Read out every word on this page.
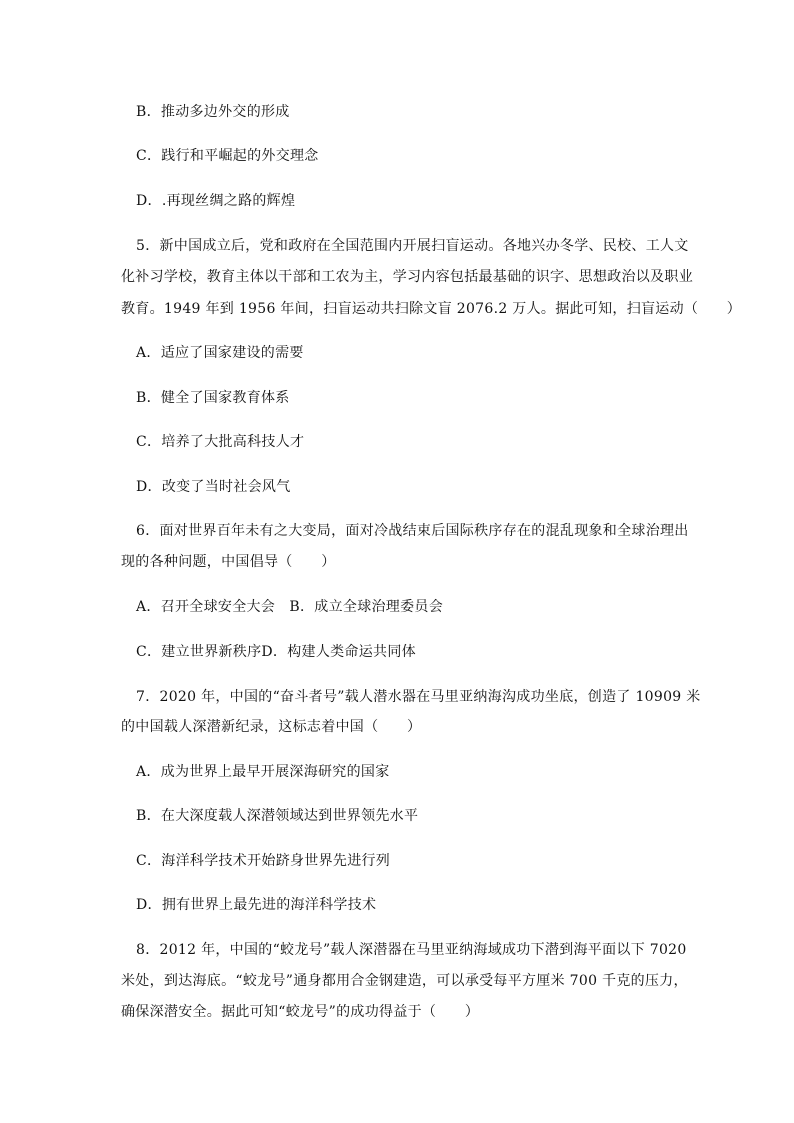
B．推动多边外交的形成
C．践行和平崛起的外交理念
D．.再现丝绸之路的辉煌
5．新中国成立后，党和政府在全国范围内开展扫盲运动。各地兴办冬学、民校、工人文
化补习学校，教育主体以干部和工农为主，学习内容包括最基础的识字、思想政治以及职业
教育。1949 年到 1956 年间，扫盲运动共扫除文盲 2076.2 万人。据此可知，扫盲运动（　　）
A．适应了国家建设的需要
B．健全了国家教育体系
C．培养了大批高科技人才
D．改变了当时社会风气
6．面对世界百年未有之大变局，面对冷战结束后国际秩序存在的混乱现象和全球治理出
现的各种问题，中国倡导（　　）
A．召开全球安全大会　B．成立全球治理委员会
C．建立世界新秩序D．构建人类命运共同体
7．2020 年，中国的“奋斗者号”载人潜水器在马里亚纳海沟成功坐底，创造了 10909 米
的中国载人深潜新纪录，这标志着中国（　　）
A．成为世界上最早开展深海研究的国家
B．在大深度载人深潜领域达到世界领先水平
C．海洋科学技术开始跻身世界先进行列
D．拥有世界上最先进的海洋科学技术
8．2012 年，中国的“蛟龙号”载人深潜器在马里亚纳海域成功下潜到海平面以下 7020
米处，到达海底。“蛟龙号”通身都用合金钢建造，可以承受每平方厘米 700 千克的压力，
确保深潜安全。据此可知“蛟龙号”的成功得益于（　　）
